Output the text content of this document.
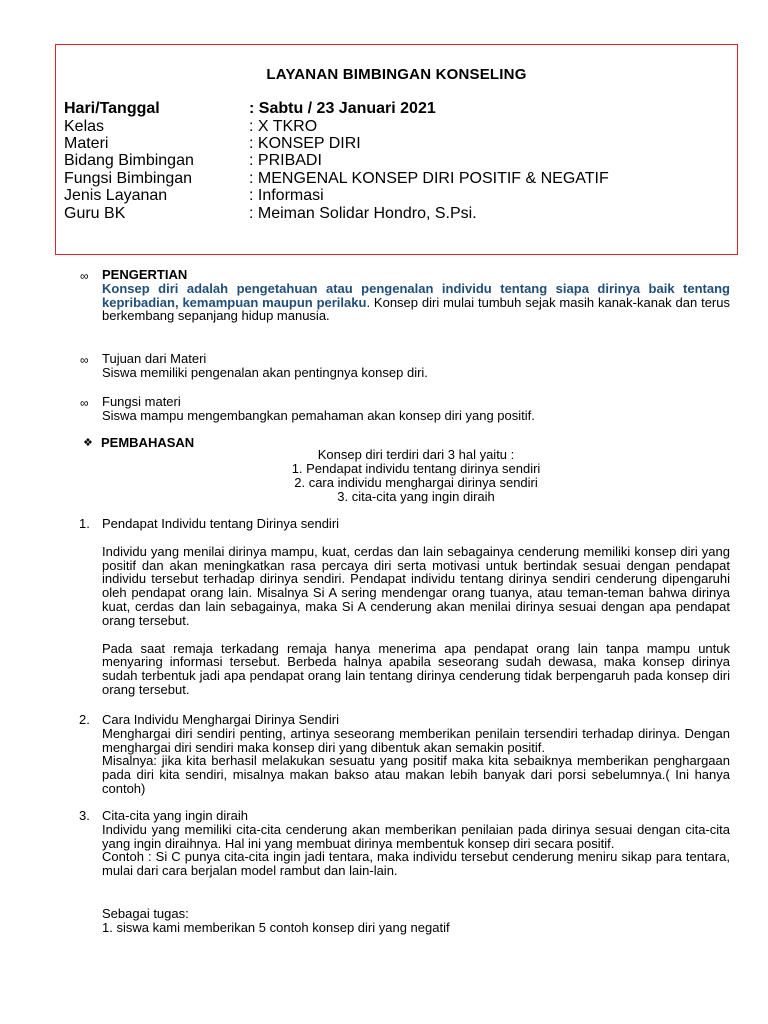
LAYANAN BIMBINGAN KONSELING
Hari/Tanggal	: Sabtu / 23 Januari 2021
Kelas	: X TKRO
Materi	: KONSEP DIRI
Bidang Bimbingan	: PRIBADI
Fungsi Bimbingan	: MENGENAL KONSEP DIRI POSITIF & NEGATIF
Jenis Layanan	: Informasi
Guru BK	: Meiman Solidar Hondro, S.Psi.
∞ PENGERTIAN

Konsep diri adalah pengetahuan atau pengenalan individu tentang siapa dirinya baik tentang kepribadian, kemampuan maupun perilaku. Konsep diri mulai tumbuh sejak masih kanak-kanak dan terus berkembang sepanjang hidup manusia.

∞ Tujuan dari Materi

Siswa memiliki pengenalan akan pentingnya konsep diri.

∞ Fungsi materi

Siswa mampu mengembangkan pemahaman akan konsep diri yang positif.

❖ PEMBAHASAN
Konsep diri terdiri dari 3 hal yaitu :
1. Pendapat individu tentang dirinya sendiri
2. cara individu menghargai dirinya sendiri
3. cita-cita yang ingin diraih
1. Pendapat Individu tentang Dirinya sendiri

Individu yang menilai dirinya mampu, kuat, cerdas dan lain sebagainya cenderung memiliki konsep diri yang positif dan akan meningkatkan rasa percaya diri serta motivasi untuk bertindak sesuai dengan pendapat individu tersebut terhadap dirinya sendiri. Pendapat individu tentang dirinya sendiri cenderung dipengaruhi oleh pendapat orang lain. Misalnya Si A sering mendengar orang tuanya, atau teman-teman bahwa dirinya kuat, cerdas dan lain sebagainya, maka Si A cenderung akan menilai dirinya sesuai dengan apa pendapat orang tersebut.

Pada saat remaja terkadang remaja hanya menerima apa pendapat orang lain tanpa mampu untuk menyaring informasi tersebut. Berbeda halnya apabila seseorang sudah dewasa, maka konsep dirinya sudah terbentuk jadi apa pendapat orang lain tentang dirinya cenderung tidak berpengaruh pada konsep diri orang tersebut.

2. Cara Individu Menghargai Dirinya Sendiri

Menghargai diri sendiri penting, artinya seseorang memberikan penilain tersendiri terhadap dirinya. Dengan menghargai diri sendiri maka konsep diri yang dibentuk akan semakin positif.

Misalnya: jika kita berhasil melakukan sesuatu yang positif maka kita sebaiknya memberikan penghargaan pada diri kita sendiri, misalnya makan bakso atau makan lebih banyak dari porsi sebelumnya.( Ini hanya contoh)

3. Cita-cita yang ingin diraih

Individu yang memiliki cita-cita cenderung akan memberikan penilaian pada dirinya sesuai dengan cita-cita yang ingin diraihnya. Hal ini yang membuat dirinya membentuk konsep diri secara positif.

Contoh : Si C punya cita-cita ingin jadi tentara, maka individu tersebut cenderung meniru sikap para tentara, mulai dari cara berjalan model rambut dan lain-lain.

Sebagai tugas:

1. siswa kami memberikan 5 contoh konsep diri yang negatif
